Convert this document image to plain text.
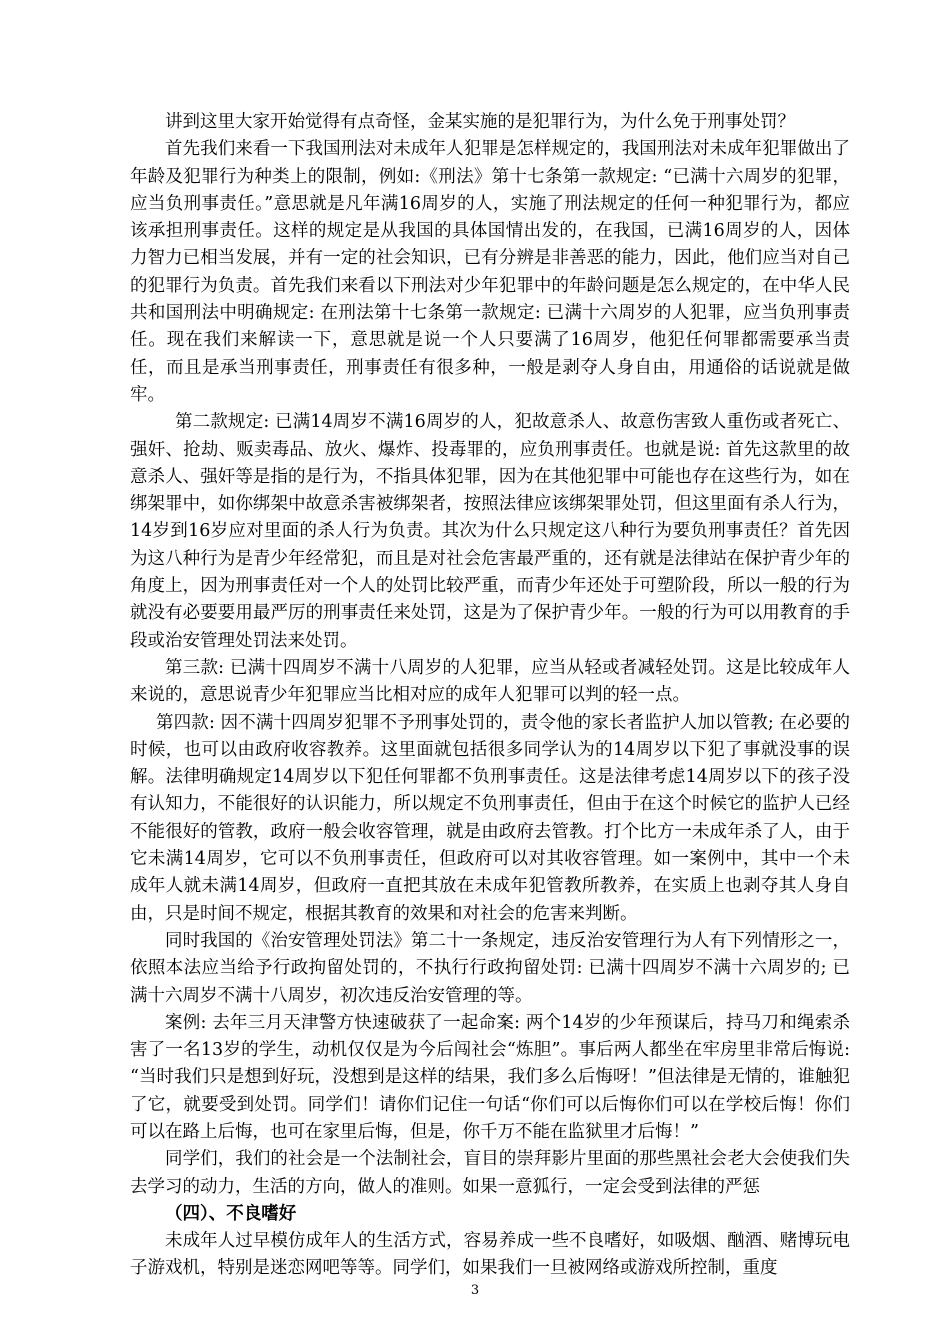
讲到这里大家开始觉得有点奇怪，金某实施的是犯罪行为，为什么免于刑事处罚？

首先我们来看一下我国刑法对未成年人犯罪是怎样规定的，我国刑法对未成年犯罪做出了年龄及犯罪行为种类上的限制，例如:《刑法》第十七条第一款规定: “已满十六周岁的犯罪，应当负刑事责任。”意思就是凡年满16周岁的人，实施了刑法规定的任何一种犯罪行为，都应该承担刑事责任。这样的规定是从我国的具体国情出发的，在我国，已满16周岁的人，因体力智力已相当发展，并有一定的社会知识，已有分辨是非善恶的能力，因此，他们应当对自己的犯罪行为负责。首先我们来看以下刑法对少年犯罪中的年龄问题是怎么规定的，在中华人民共和国刑法中明确规定: 在刑法第十七条第一款规定: 已满十六周岁的人犯罪，应当负刑事责任。现在我们来解读一下，意思就是说一个人只要满了16周岁，他犯任何罪都需要承当责任，而且是承当刑事责任，刑事责任有很多种，一般是剥夺人身自由，用通俗的话说就是做牢。

第二款规定: 已满14周岁不满16周岁的人，犯故意杀人、故意伤害致人重伤或者死亡、强奸、抢劫、贩卖毒品、放火、爆炸、投毒罪的，应负刑事责任。也就是说: 首先这款里的故意杀人、强奸等是指的是行为，不指具体犯罪，因为在其他犯罪中可能也存在这些行为，如在绑架罪中，如你绑架中故意杀害被绑架者，按照法律应该绑架罪处罚，但这里面有杀人行为，14岁到16岁应对里面的杀人行为负责。其次为什么只规定这八种行为要负刑事责任？首先因为这八种行为是青少年经常犯，而且是对社会危害最严重的，还有就是法律站在保护青少年的角度上，因为刑事责任对一个人的处罚比较严重，而青少年还处于可塑阶段，所以一般的行为就没有必要要用最严厉的刑事责任来处罚，这是为了保护青少年。一般的行为可以用教育的手段或治安管理处罚法来处罚。

第三款: 已满十四周岁不满十八周岁的人犯罪，应当从轻或者减轻处罚。这是比较成年人来说的，意思说青少年犯罪应当比相对应的成年人犯罪可以判的轻一点。

第四款: 因不满十四周岁犯罪不予刑事处罚的，责令他的家长者监护人加以管教; 在必要的时候，也可以由政府收容教养。这里面就包括很多同学认为的14周岁以下犯了事就没事的误解。法律明确规定14周岁以下犯任何罪都不负刑事责任。这是法律考虑14周岁以下的孩子没有认知力，不能很好的认识能力，所以规定不负刑事责任，但由于在这个时候它的监护人已经不能很好的管教，政府一般会收容管理，就是由政府去管教。打个比方一未成年杀了人，由于它未满14周岁，它可以不负刑事责任，但政府可以对其收容管理。如一案例中，其中一个未成年人就未满14周岁，但政府一直把其放在未成年犯管教所教养，在实质上也剥夺其人身自由，只是时间不规定，根据其教育的效果和对社会的危害来判断。

同时我国的《治安管理处罚法》第二十一条规定，违反治安管理行为人有下列情形之一，依照本法应当给予行政拘留处罚的，不执行行政拘留处罚: 已满十四周岁不满十六周岁的; 已满十六周岁不满十八周岁，初次违反治安管理的等。

案例: 去年三月天津警方快速破获了一起命案: 两个14岁的少年预谋后，持马刀和绳索杀害了一名13岁的学生，动机仅仅是为今后闯社会“炼胆”。事后两人都坐在牢房里非常后悔说: “当时我们只是想到好玩，没想到是这样的结果，我们多么后悔呀！”但法律是无情的，谁触犯了它，就要受到处罚。同学们！请你们记住一句话“你们可以后悔你们可以在学校后悔！你们可以在路上后悔，也可在家里后悔，但是，你千万不能在监狱里才后悔！”

同学们，我们的社会是一个法制社会，盲目的崇拜影片里面的那些黑社会老大会使我们失去学习的动力，生活的方向，做人的准则。如果一意狐行，一定会受到法律的严惩

（四）、不良嗜好

未成年人过早模仿成年人的生活方式，容易养成一些不良嗜好，如吸烟、酗酒、赌博玩电子游戏机，特别是迷恋网吧等等。同学们，如果我们一旦被网络或游戏所控制，重度

3
